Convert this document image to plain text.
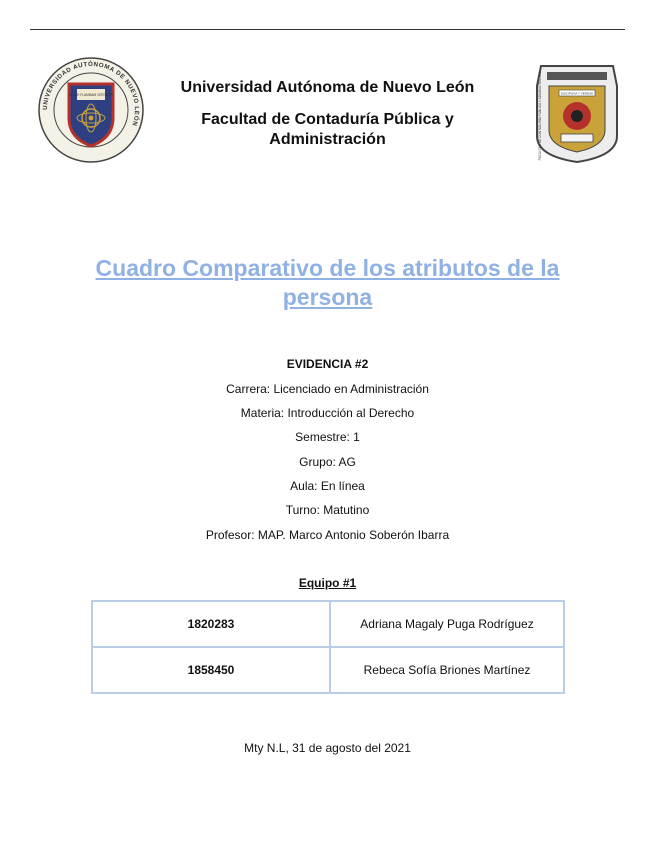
UNIVERSIDAD AUTÓNOMA DE NUEVO LEÓN
ALERE FLAMMAM VERITATIS	DISCIPLINA Y VERDAD
FACULTAD DE CONTADURÍA PÚBLICA Y ADMINISTRACIÓN
Universidad Autónoma de Nuevo León
Facultad de Contaduría Pública y Administración
Cuadro Comparativo de los atributos de la persona
EVIDENCIA #2
Carrera: Licenciado en Administración
Materia: Introducción al Derecho
Semestre: 1
Grupo: AG
Aula: En línea
Turno: Matutino
Profesor: MAP. Marco Antonio Soberón Ibarra
Equipo #1
1820283	Adriana Magaly Puga Rodríguez
1858450	Rebeca Sofía Briones Martínez
Mty N.L, 31 de agosto del 2021
